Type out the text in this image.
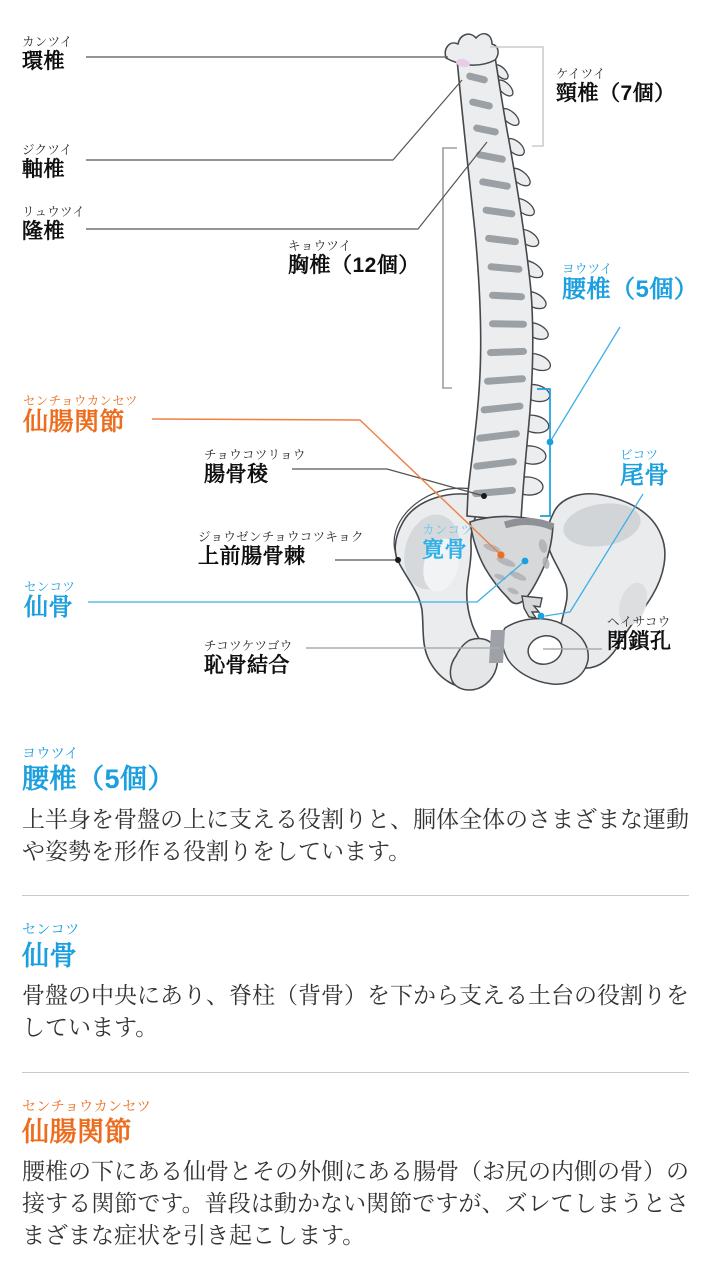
カンツイ
環椎
ジクツイ
軸椎
リュウツイ
隆椎
ケイツイ
頸椎（7個）
キョウツイ
胸椎（12個）	ヨウツイ
腰椎（5個）
センチョウカンセツ
仙腸関節
チョウコツリョウ
腸骨稜
ジョウゼンチョウコツキョク
上前腸骨棘
センコツ
仙骨
チコツケツゴウ
恥骨結合
カンコツ
寛骨
ビコツ
尾骨
ヘイサコウ
閉鎖孔
ヨウツイ
腰椎（5個）

上半身を骨盤の上に支える役割りと、胴体全体のさまざまな運動や姿勢を形作る役割りをしています。

センコツ
仙骨

骨盤の中央にあり、脊柱（背骨）を下から支える土台の役割りをしています。

センチョウカンセツ
仙腸関節

腰椎の下にある仙骨とその外側にある腸骨（お尻の内側の骨）の接する関節です。普段は動かない関節ですが、ズレてしまうとさまざまな症状を引き起こします。
